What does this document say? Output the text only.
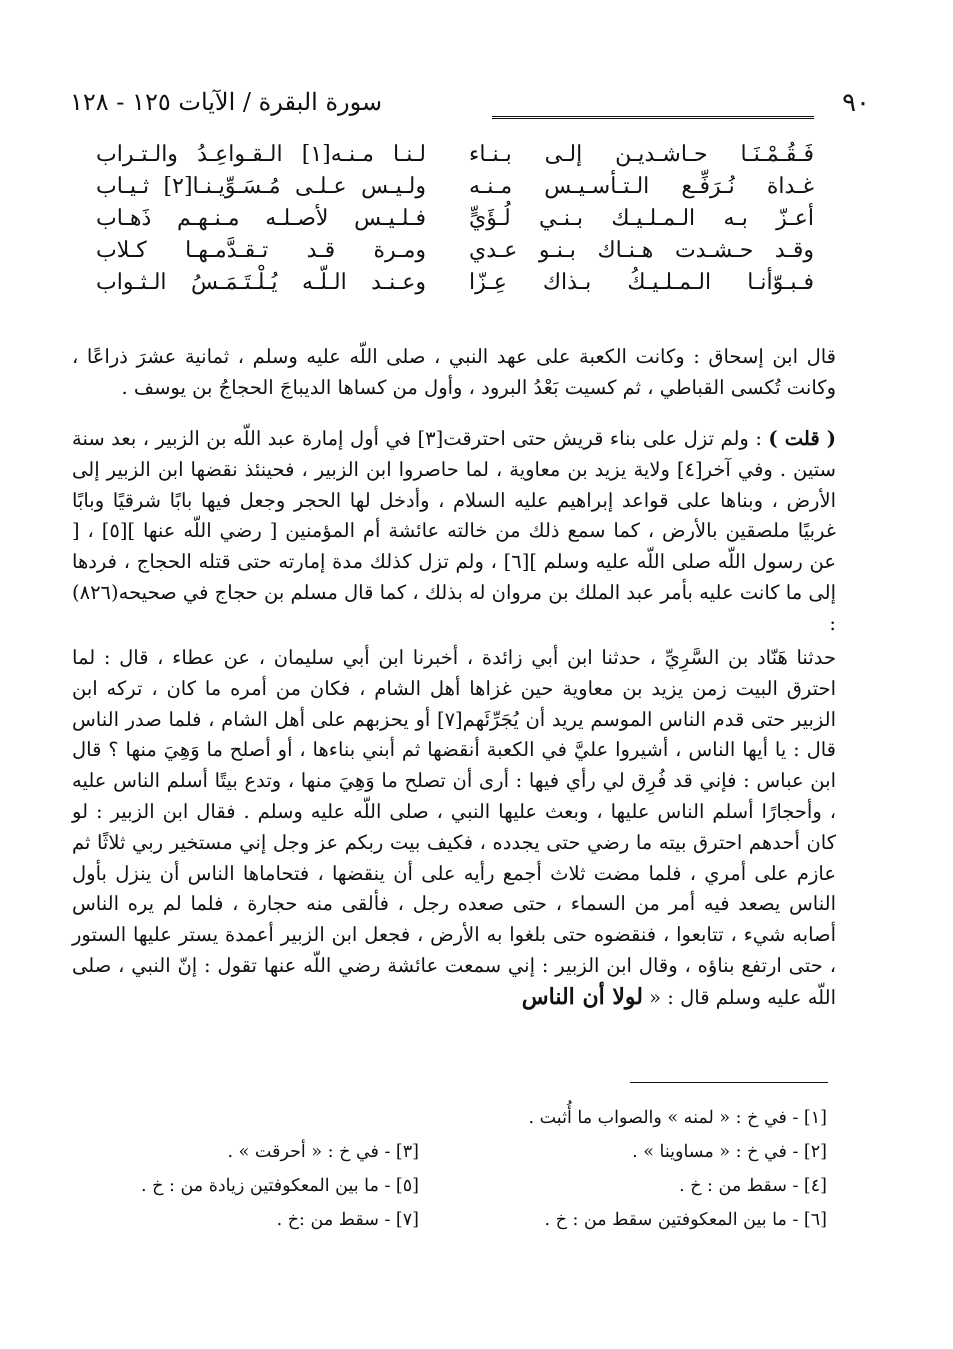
٩٠
سورة البقرة / الآيات ١٢٥ - ١٢٨
فَـقُـمْـنَـا حـاشـديـن إلـى بـنـاء
لـنـا مـنـه[١] الـقـواعِـدُ والـتـراب
غـداة نُـرَفِّـع الـتـأسـيـس مـنـه
ولـيـس عـلـى مُـسَـوِّيـنـا[٢] ثـيـاب
أعـزّ بـه الـمـلـيـك بـنـي لُـؤَيٍّ
فـلـيـس لأصـلـه مـنـهـم ذَهـاب
وقـد حـشـدت هـنـاك بـنـو عـدي
ومـرة قـد تـقـدَّمـهـا كـلاب
فـبـوّأنـا الـمـلـيـكُ بـذاك عِـزّا
وعـنـد الـلّـه يُـلْـتَـمَـسُ الـثـواب

قال ابن إسحاق : وكانت الكعبة على عهد النبي ، صلى اللّه عليه وسلم ، ثمانية عشرَ ذراعًا ، وكانت تُكسى القباطي ، ثم كسيت بَعْدُ البرود ، وأول من كساها الديباجَ الحجاجُ بن يوسف .

( قلت ) : ولم تزل على بناء قريش حتى احترقت[٣] في أول إمارة عبد اللّه بن الزبير ، بعد سنة ستين . وفي آخر[٤] ولاية يزيد بن معاوية ، لما حاصروا ابن الزبير ، فحينئذ نقضها ابن الزبير إلى الأرض ، وبناها على قواعد إبراهيم عليه السلام ، وأدخل لها الحجر وجعل فيها بابًا شرقيًا وبابًا غربيًا ملصقين بالأرض ، كما سمع ذلك من خالته عائشة أم المؤمنين [ رضي اللّه عنها ][٥] ، [ عن رسول اللّه صلى اللّه عليه وسلم ][٦] ، ولم تزل كذلك مدة إمارته حتى قتله الحجاج ، فردها إلى ما كانت عليه بأمر عبد الملك بن مروان له بذلك ، كما قال مسلم بن حجاج في صحيحه(٨٢٦) :

حدثنا هَنّاد بن السَّرِيِّ ، حدثنا ابن أبي زائدة ، أخبرنا ابن أبي سليمان ، عن عطاء ، قال : لما احترق البيت زمن يزيد بن معاوية حين غزاها أهل الشام ، فكان من أمره ما كان ، تركه ابن الزبير حتى قدم الناس الموسم يريد أن يُجَرِّئَهم[٧] أو يحزبهم على أهل الشام ، فلما صدر الناس قال : يا أيها الناس ، أشيروا عليَّ في الكعبة أنقضها ثم أبني بناءها ، أو أصلح ما وَهِيَ منها ؟ قال ابن عباس : فإني قد فُرِق لي رأي فيها : أرى أن تصلح ما وَهِيَ منها ، وتدع بيتًا أسلم الناس عليه ، وأحجارًا أسلم الناس عليها ، وبعث عليها النبي ، صلى اللّه عليه وسلم . فقال ابن الزبير : لو كان أحدهم احترق بيته ما رضي حتى يجدده ، فكيف بيت ربكم عز وجل إني مستخير ربي ثلاثًا ثم عازم على أمري ، فلما مضت ثلاث أجمع رأيه على أن ينقضها ، فتحاماها الناس أن ينزل بأول الناس يصعد فيه أمر من السماء ، حتى صعده رجل ، فألقى منه حجارة ، فلما لم يره الناس أصابه شيء ، تتابعوا ، فنقضوه حتى بلغوا به الأرض ، فجعل ابن الزبير أعمدة يستر عليها الستور ، حتى ارتفع بناؤه ، وقال ابن الزبير : إني سمعت عائشة رضي اللّه عنها تقول : إنّ النبي ، صلى اللّه عليه وسلم قال : « لولا أن الناس

[١] - في خ : « لمنه » والصواب ما أُثبت .
[٢] - في خ : « مساوينا » .
[٣] - في خ : « أحرقت » .
[٤] - سقط من : خ .
[٥] - ما بين المعكوفتين زيادة من : خ .
[٦] - ما بين المعكوفتين سقط من : خ .
[٧] - سقط من :خ .
